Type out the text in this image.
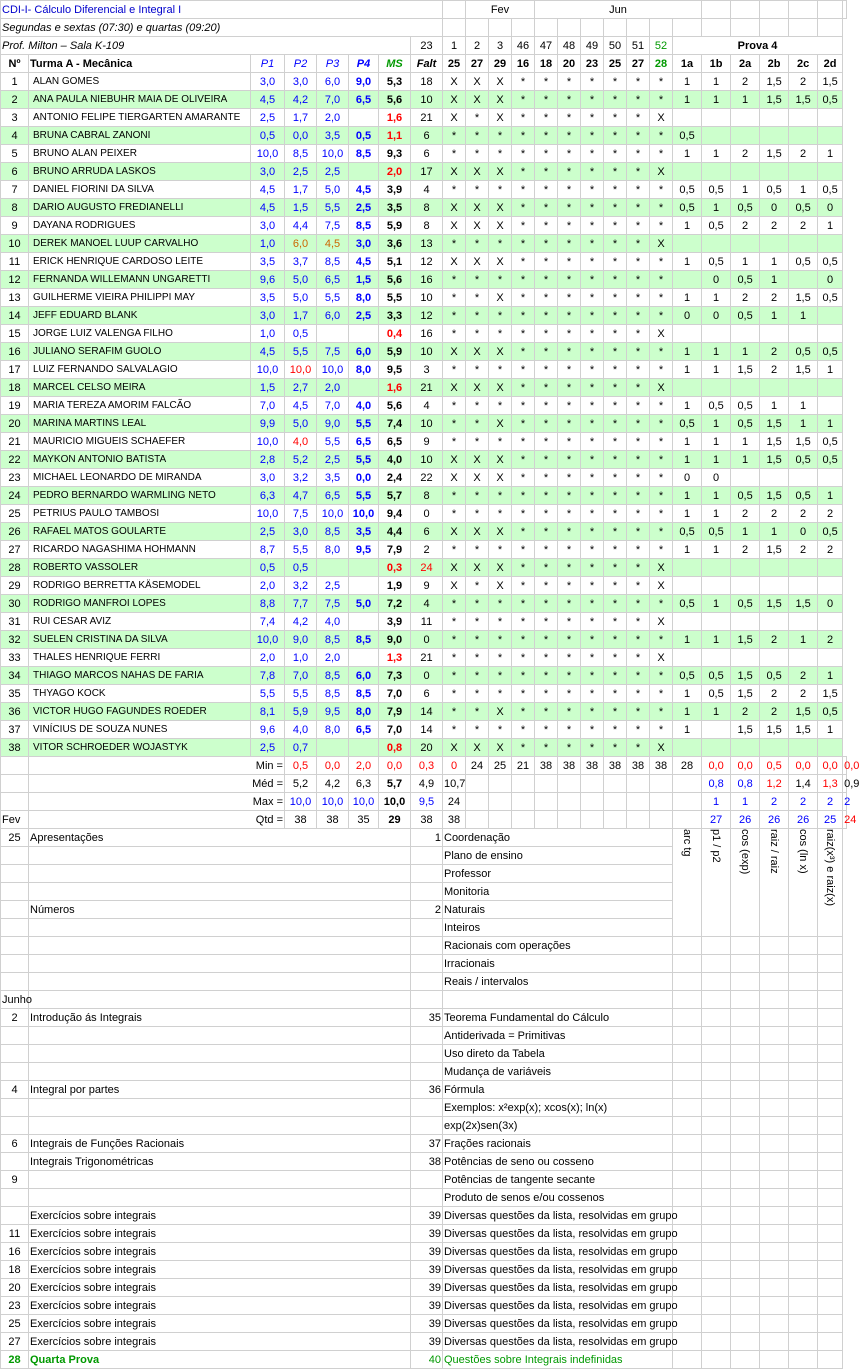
CDI-I- Cálculo Diferencial e Integral I									Fev			Jun												
Segundas e sextas (07:30) e quartas (09:20)																								
Prof. Milton – Sala K-109							23	1	2	3	46	47	48	49	50	51	52	Prova 4						
Nº	Turma A - Mecânica	P1	P2	P3	P4	MS	Falt	25	27	29	16	18	20	23	25	27	28	1a	1b	2a	2b	2c	2d	
1	ALAN GOMES	3,0	3,0	6,0	9,0	5,3	18	X	X	X	*	*	*	*	*	*	*	1	1	2	1,5	2	1,5	
2	ANA PAULA NIEBUHR MAIA DE OLIVEIRA	4,5	4,2	7,0	6,5	5,6	10	X	X	X	*	*	*	*	*	*	*	1	1	1	1,5	1,5	0,5	
3	ANTONIO FELIPE TIERGARTEN AMARANTE	2,5	1,7	2,0		1,6	21	X	*	X	*	*	*	*	*	*	X							
4	BRUNA CABRAL ZANONI	0,5	0,0	3,5	0,5	1,1	6	*	*	*	*	*	*	*	*	*	*	0,5						
5	BRUNO ALAN PEIXER	10,0	8,5	10,0	8,5	9,3	6	*	*	*	*	*	*	*	*	*	*	1	1	2	1,5	2	1	
6	BRUNO ARRUDA LASKOS	3,0	2,5	2,5		2,0	17	X	X	X	*	*	*	*	*	*	X							
7	DANIEL FIORINI DA SILVA	4,5	1,7	5,0	4,5	3,9	4	*	*	*	*	*	*	*	*	*	*	0,5	0,5	1	0,5	1	0,5	
8	DARIO AUGUSTO FREDIANELLI	4,5	1,5	5,5	2,5	3,5	8	X	X	X	*	*	*	*	*	*	*	0,5	1	0,5	0	0,5	0	
9	DAYANA RODRIGUES	3,0	4,4	7,5	8,5	5,9	8	X	X	X	*	*	*	*	*	*	*	1	0,5	2	2	2	1	
10	DEREK MANOEL LUUP CARVALHO	1,0	6,0	4,5	3,0	3,6	13	*	*	*	*	*	*	*	*	*	X							
11	ERICK HENRIQUE CARDOSO LEITE	3,5	3,7	8,5	4,5	5,1	12	X	X	X	*	*	*	*	*	*	*	1	0,5	1	1	0,5	0,5	
12	FERNANDA WILLEMANN UNGARETTI	9,6	5,0	6,5	1,5	5,6	16	*	*	*	*	*	*	*	*	*	*		0	0,5	1		0	
13	GUILHERME VIEIRA PHILIPPI MAY	3,5	5,0	5,5	8,0	5,5	10	*	*	X	*	*	*	*	*	*	*	1	1	2	2	1,5	0,5	
14	JEFF EDUARD BLANK	3,0	1,7	6,0	2,5	3,3	12	*	*	*	*	*	*	*	*	*	*	0	0	0,5	1	1		
15	JORGE LUIZ VALENGA FILHO	1,0	0,5			0,4	16	*	*	*	*	*	*	*	*	*	X							
16	JULIANO SERAFIM GUOLO	4,5	5,5	7,5	6,0	5,9	10	X	X	X	*	*	*	*	*	*	*	1	1	1	2	0,5	0,5	
17	LUIZ FERNANDO SALVALAGIO	10,0	10,0	10,0	8,0	9,5	3	*	*	*	*	*	*	*	*	*	*	1	1	1,5	2	1,5	1	
18	MARCEL CELSO MEIRA	1,5	2,7	2,0		1,6	21	X	X	X	*	*	*	*	*	*	X							
19	MARIA TEREZA AMORIM FALCÃO	7,0	4,5	7,0	4,0	5,6	4	*	*	*	*	*	*	*	*	*	*	1	0,5	0,5	1	1		
20	MARINA MARTINS LEAL	9,9	5,0	9,0	5,5	7,4	10	*	*	X	*	*	*	*	*	*	*	0,5	1	0,5	1,5	1	1	
21	MAURICIO MIGUEIS SCHAEFER	10,0	4,0	5,5	6,5	6,5	9	*	*	*	*	*	*	*	*	*	*	1	1	1	1,5	1,5	0,5	
22	MAYKON ANTONIO BATISTA	2,8	5,2	2,5	5,5	4,0	10	X	X	X	*	*	*	*	*	*	*	1	1	1	1,5	0,5	0,5	
23	MICHAEL LEONARDO DE MIRANDA	3,0	3,2	3,5	0,0	2,4	22	X	X	X	*	*	*	*	*	*	*	0	0					
24	PEDRO BERNARDO WARMLING NETO	6,3	4,7	6,5	5,5	5,7	8	*	*	*	*	*	*	*	*	*	*	1	1	0,5	1,5	0,5	1	
25	PETRIUS PAULO TAMBOSI	10,0	7,5	10,0	10,0	9,4	0	*	*	*	*	*	*	*	*	*	*	1	1	2	2	2	2	
26	RAFAEL MATOS GOULARTE	2,5	3,0	8,5	3,5	4,4	6	X	X	X	*	*	*	*	*	*	*	0,5	0,5	1	1	0	0,5	
27	RICARDO NAGASHIMA HOHMANN	8,7	5,5	8,0	9,5	7,9	2	*	*	*	*	*	*	*	*	*	*	1	1	2	1,5	2	2	
28	ROBERTO VASSOLER	0,5	0,5			0,3	24	X	X	X	*	*	*	*	*	*	X							
29	RODRIGO BERRETTA KÄSEMODEL	2,0	3,2	2,5		1,9	9	X	*	X	*	*	*	*	*	*	X							
30	RODRIGO MANFROI LOPES	8,8	7,7	7,5	5,0	7,2	4	*	*	*	*	*	*	*	*	*	*	0,5	1	0,5	1,5	1,5	0	
31	RUI CESAR AVIZ	7,4	4,2	4,0		3,9	11	*	*	*	*	*	*	*	*	*	X							
32	SUELEN CRISTINA DA SILVA	10,0	9,0	8,5	8,5	9,0	0	*	*	*	*	*	*	*	*	*	*	1	1	1,5	2	1	2	
33	THALES HENRIQUE FERRI	2,0	1,0	2,0		1,3	21	*	*	*	*	*	*	*	*	*	X							
34	THIAGO MARCOS NAHAS DE FARIA	7,8	7,0	8,5	6,0	7,3	0	*	*	*	*	*	*	*	*	*	*	0,5	0,5	1,5	0,5	2	1	
35	THYAGO KOCK	5,5	5,5	8,5	8,5	7,0	6	*	*	*	*	*	*	*	*	*	*	1	0,5	1,5	2	2	1,5	
36	VICTOR HUGO FAGUNDES ROEDER	8,1	5,9	9,5	8,0	7,9	14	*	*	X	*	*	*	*	*	*	*	1	1	2	2	1,5	0,5	
37	VINÍCIUS DE SOUZA NUNES	9,6	4,0	8,0	6,5	7,0	14	*	*	*	*	*	*	*	*	*	*	1		1,5	1,5	1,5	1	
38	VITOR SCHROEDER WOJASTYK	2,5	0,7			0,8	20	X	X	X	*	*	*	*	*	*	X							
	Min =		0,5	0,0	2,0	0,0	0,3	0	24	25	21	38	38	38	38	38	38	28	0,0	0,0	0,5	0,0	0,0	0,0
	Méd =		5,2	4,2	6,3	5,7	4,9	10,7											0,8	0,8	1,2	1,4	1,3	0,9
	Max =		10,0	10,0	10,0	10,0	9,5	24											1	1	2	2	2	2
Fev	Qtd =		38	38	35	29	38	38											27	26	26	26	25	24
25	Apresentações						1	Coordenação										arc tg	p1 / p2	cos (exp)	raiz / raiz	cos (ln x)	raiz(x³) e raiz(x)	
								Plano de ensino																
								Professor																
								Monitoria																
	Números						2	Naturais																
								Inteiros																
								Racionais com operações																
								Irracionais																
								Reais / intervalos																
Junho																								
2	Introdução ás Integrais						35	Teorema Fundamental do Cálculo																
								Antiderivada = Primitivas																
								Uso direto da Tabela																
								Mudança de variáveis																
4	Integral por partes						36	Fórmula																
								Exemplos: x²exp(x); xcos(x); ln(x)																
								exp(2x)sen(3x)																
6	Integrais de Funções Racionais						37	Frações racionais																
	Integrais Trigonométricas						38	Potências de seno ou cosseno																
9								Potências de tangente secante																
								Produto de senos e/ou cossenos																
	Exercícios sobre integrais						39	Diversas questões da lista, resolvidas em grupo																
11	Exercícios sobre integrais						39	Diversas questões da lista, resolvidas em grupo																
16	Exercícios sobre integrais						39	Diversas questões da lista, resolvidas em grupo																
18	Exercícios sobre integrais						39	Diversas questões da lista, resolvidas em grupo																
20	Exercícios sobre integrais						39	Diversas questões da lista, resolvidas em grupo																
23	Exercícios sobre integrais						39	Diversas questões da lista, resolvidas em grupo																
25	Exercícios sobre integrais						39	Diversas questões da lista, resolvidas em grupo																
27	Exercícios sobre integrais						39	Diversas questões da lista, resolvidas em grupo																
28	Quarta Prova						40	Questões sobre Integrais indefinidas																
